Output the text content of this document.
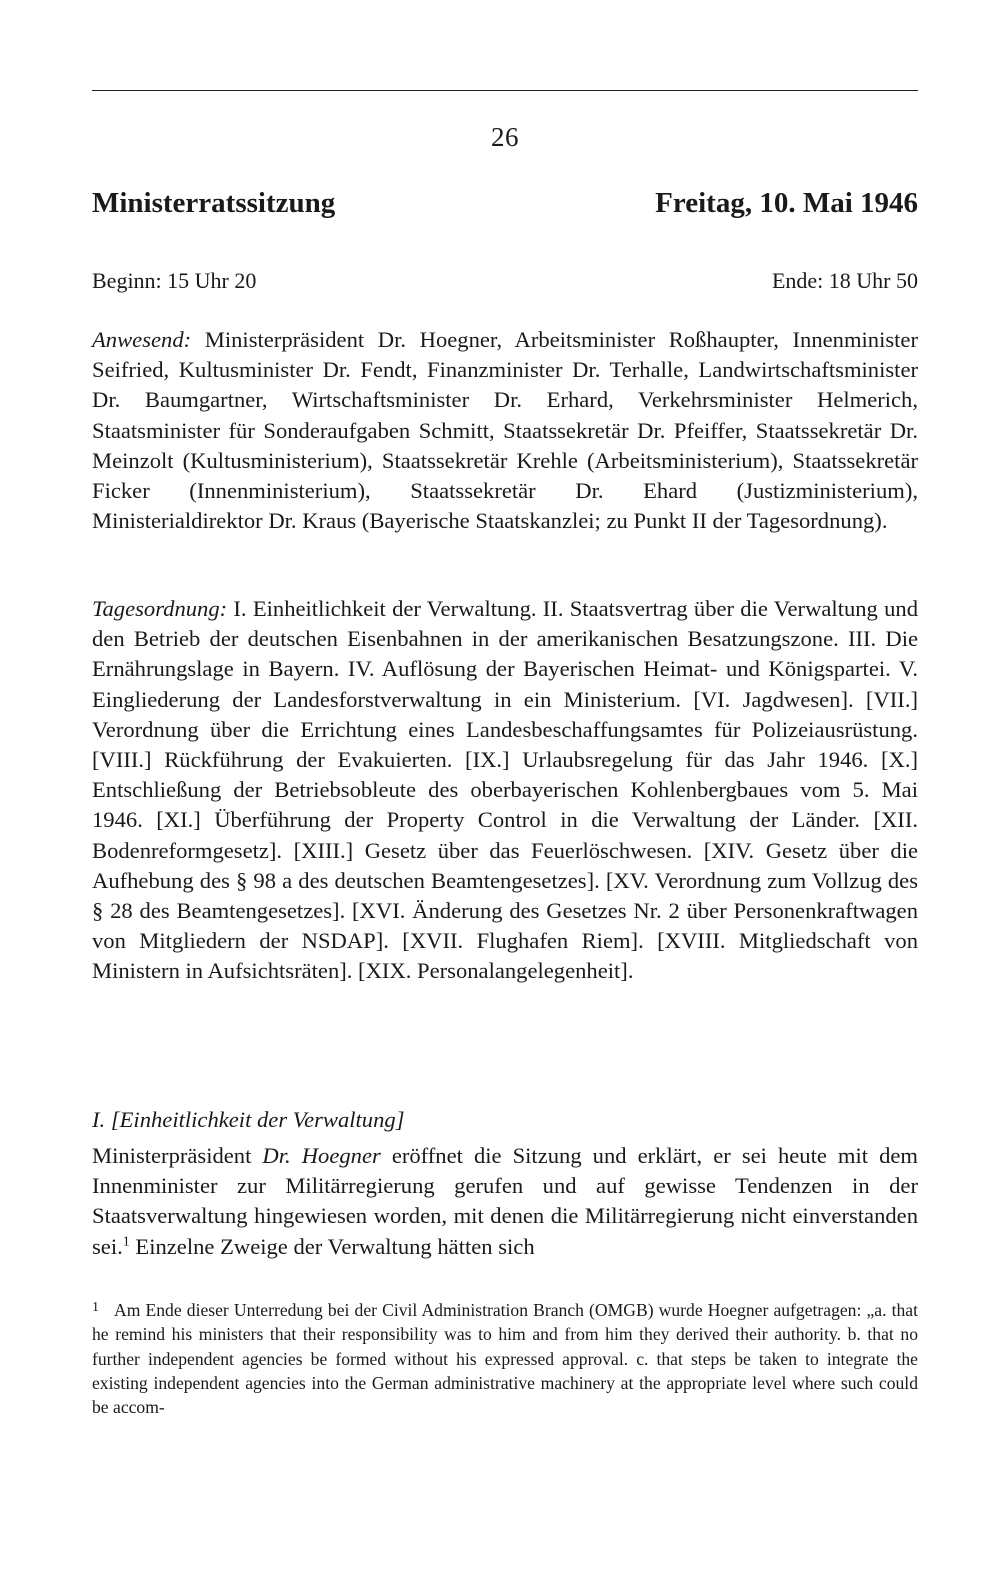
26
Ministerratssitzung	Freitag, 10. Mai 1946
Beginn: 15 Uhr 20	Ende: 18 Uhr 50

Anwesend: Ministerpräsident Dr. Hoegner, Arbeitsminister Roßhaupter, Innenminister Seifried, Kultusminister Dr. Fendt, Finanzminister Dr. Terhalle, Landwirtschaftsminister Dr. Baumgartner, Wirtschaftsminister Dr. Erhard, Verkehrsminister Helmerich, Staatsminister für Sonderaufgaben Schmitt, Staatssekretär Dr. Pfeiffer, Staatssekretär Dr. Meinzolt (Kultusministerium), Staatssekretär Krehle (Arbeitsministerium), Staatssekretär Ficker (Innenministerium), Staatssekretär Dr. Ehard (Justizministerium), Ministerialdirektor Dr. Kraus (Bayerische Staatskanzlei; zu Punkt II der Tagesordnung).

Tagesordnung: I. Einheitlichkeit der Verwaltung. II. Staatsvertrag über die Verwaltung und den Betrieb der deutschen Eisenbahnen in der amerikanischen Besatzungszone. III. Die Ernährungslage in Bayern. IV. Auflösung der Bayerischen Heimat- und Königspartei. V. Eingliederung der Landesforstverwaltung in ein Ministerium. [VI. Jagdwesen]. [VII.] Verordnung über die Errichtung eines Landesbeschaffungsamtes für Polizeiausrüstung. [VIII.] Rückführung der Evakuierten. [IX.] Urlaubsregelung für das Jahr 1946. [X.] Entschließung der Betriebsobleute des oberbayerischen Kohlenbergbaues vom 5. Mai 1946. [XI.] Überführung der Property Control in die Verwaltung der Länder. [XII. Bodenreformgesetz]. [XIII.] Gesetz über das Feuerlöschwesen. [XIV. Gesetz über die Aufhebung des § 98 a des deutschen Beamtengesetzes]. [XV. Verordnung zum Vollzug des § 28 des Beamtengesetzes]. [XVI. Änderung des Gesetzes Nr. 2 über Personenkraftwagen von Mitgliedern der NSDAP]. [XVII. Flughafen Riem]. [XVIII. Mitgliedschaft von Ministern in Aufsichtsräten]. [XIX. Personalangelegenheit].

I. [Einheitlichkeit der Verwaltung]

Ministerpräsident Dr. Hoegner eröffnet die Sitzung und erklärt, er sei heute mit dem Innenminister zur Militärregierung gerufen und auf gewisse Tendenzen in der Staatsverwaltung hingewiesen worden, mit denen die Militärregierung nicht einverstanden sei.$^1$ Einzelne Zweige der Verwaltung hätten sich

1 Am Ende dieser Unterredung bei der Civil Administration Branch (OMGB) wurde Hoegner aufgetragen: „a. that he remind his ministers that their responsibility was to him and from him they derived their authority. b. that no further independent agencies be formed without his expressed approval. c. that steps be taken to integrate the existing independent agencies into the German administrative machinery at the appropriate level where such could be accom-
